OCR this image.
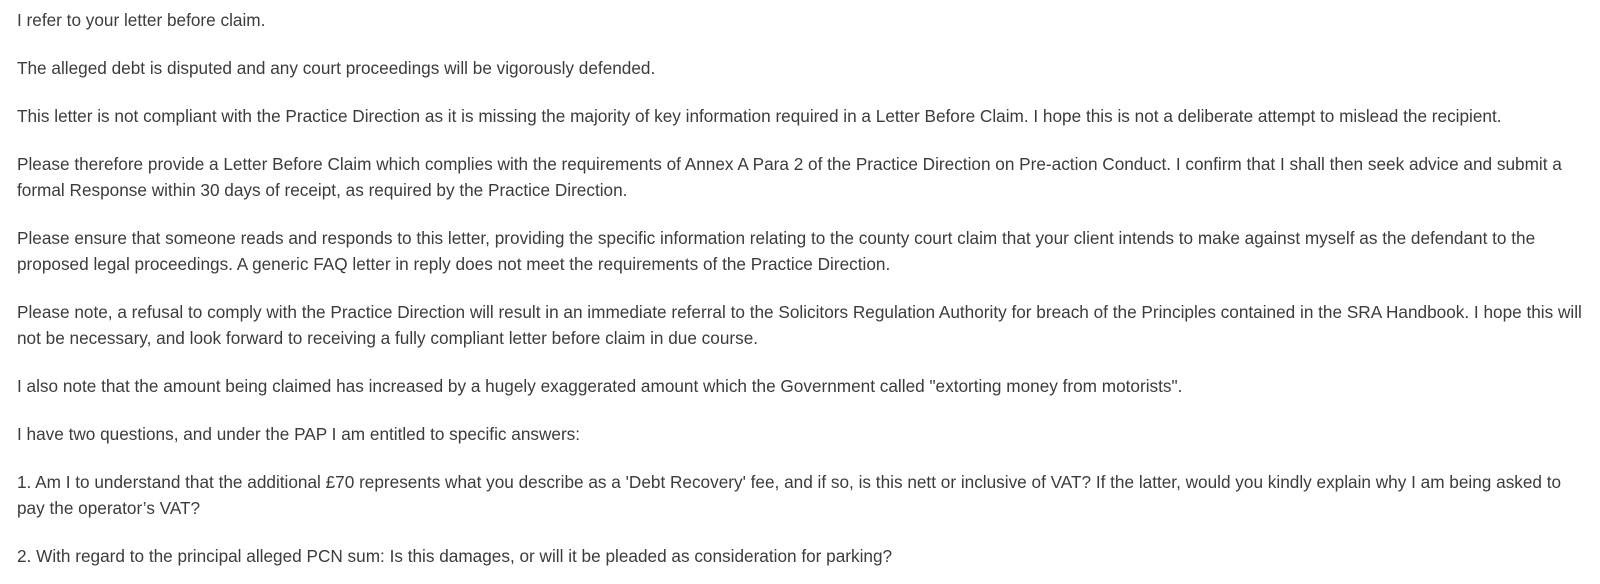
I refer to your letter before claim.

The alleged debt is disputed and any court proceedings will be vigorously defended.

This letter is not compliant with the Practice Direction as it is missing the majority of key information required in a Letter Before Claim. I hope this is not a deliberate attempt to mislead the recipient.

Please therefore provide a Letter Before Claim which complies with the requirements of Annex A Para 2 of the Practice Direction on Pre-action Conduct. I confirm that I shall then seek advice and submit a formal Response within 30 days of receipt, as required by the Practice Direction.

Please ensure that someone reads and responds to this letter, providing the specific information relating to the county court claim that your client intends to make against myself as the defendant to the proposed legal proceedings. A generic FAQ letter in reply does not meet the requirements of the Practice Direction.

Please note, a refusal to comply with the Practice Direction will result in an immediate referral to the Solicitors Regulation Authority for breach of the Principles contained in the SRA Handbook. I hope this will not be necessary, and look forward to receiving a fully compliant letter before claim in due course.

I also note that the amount being claimed has increased by a hugely exaggerated amount which the Government called "extorting money from motorists".

I have two questions, and under the PAP I am entitled to specific answers:

1. Am I to understand that the additional £70 represents what you describe as a 'Debt Recovery' fee, and if so, is this nett or inclusive of VAT? If the latter, would you kindly explain why I am being asked to pay the operator’s VAT?

2. With regard to the principal alleged PCN sum: Is this damages, or will it be pleaded as consideration for parking?
